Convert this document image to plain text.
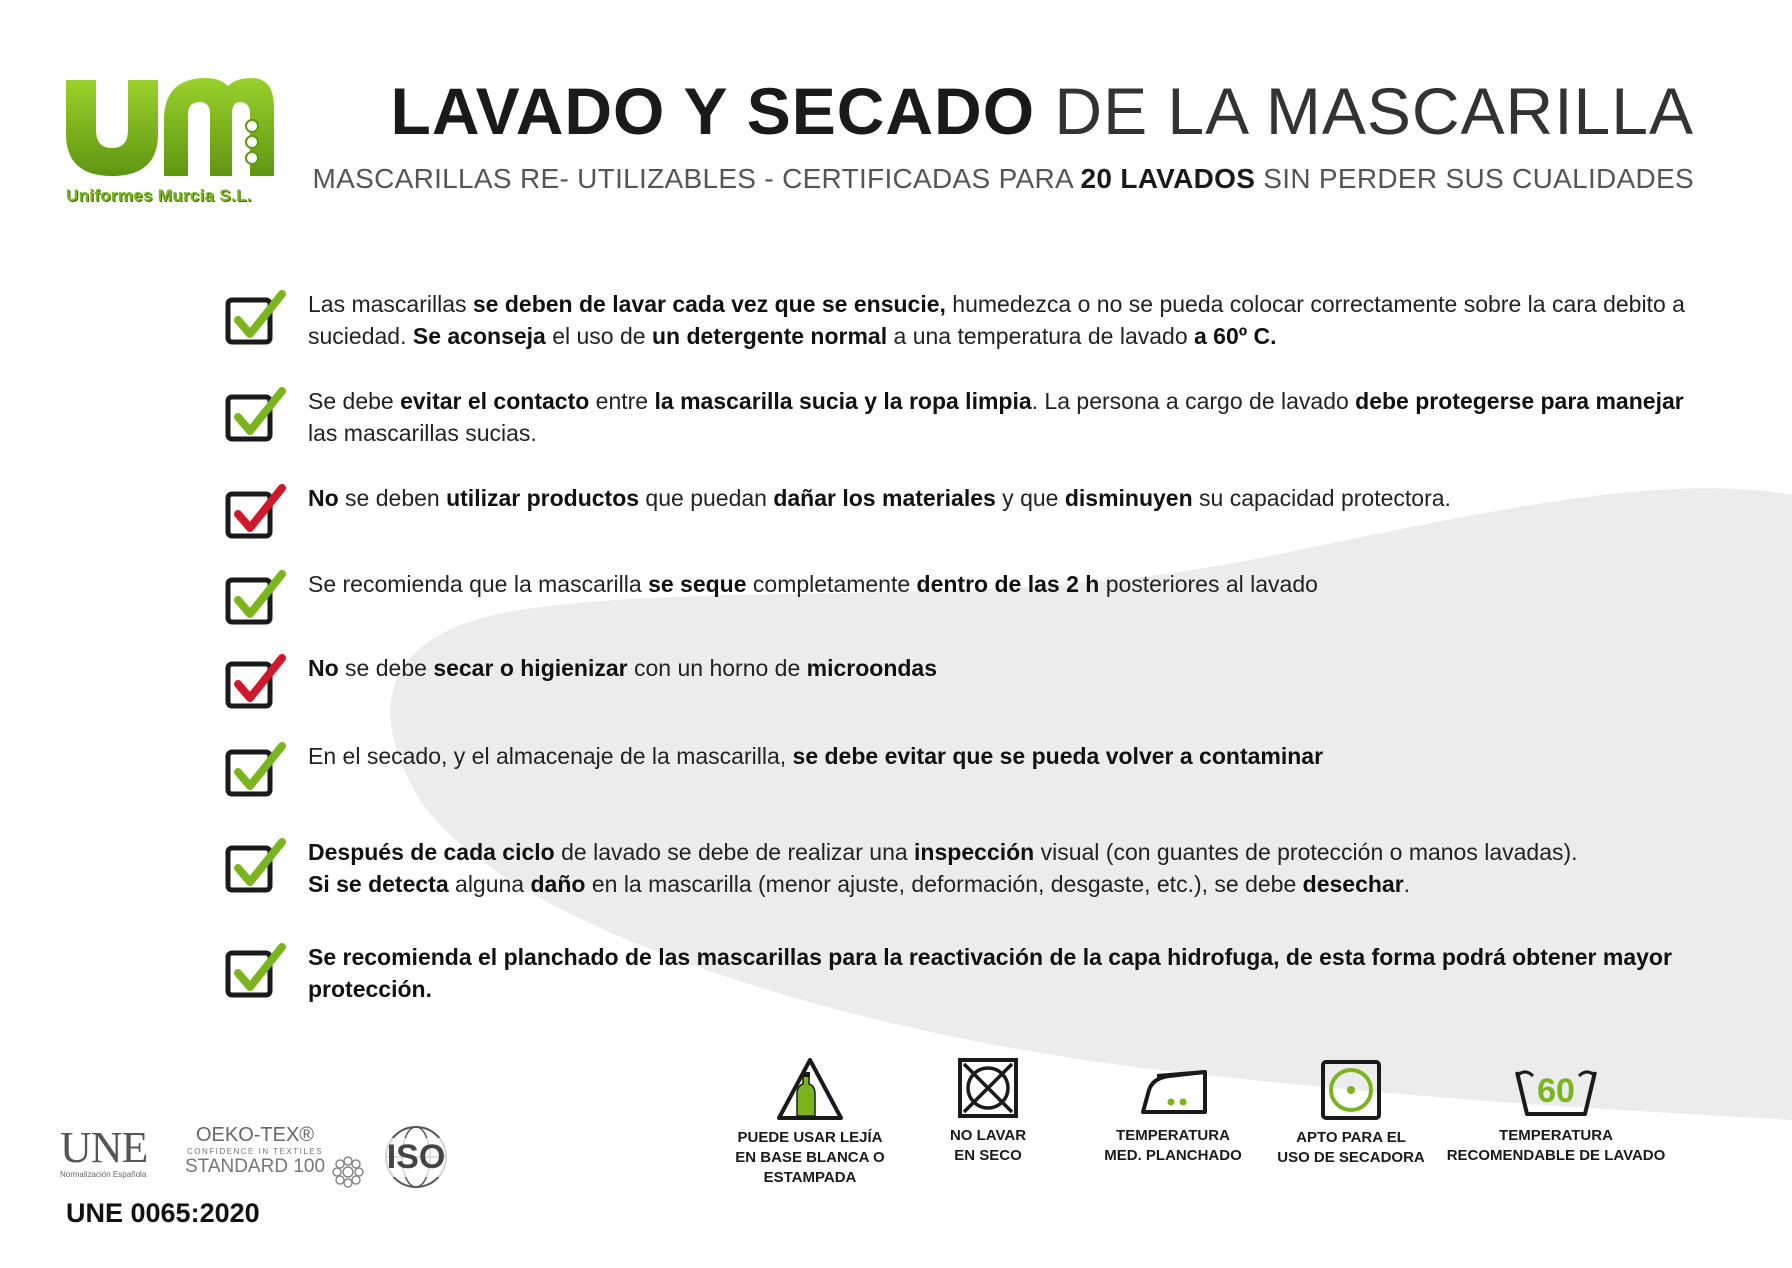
Uniformes Murcia S.L.
LAVADO Y SECADO DE LA MASCARILLA
MASCARILLAS RE- UTILIZABLES - CERTIFICADAS PARA 20 LAVADOS SIN PERDER SUS CUALIDADES
Las mascarillas se deben de lavar cada vez que se ensucie, humedezca o no se pueda colocar correctamente sobre la cara debito a suciedad. Se aconseja el uso de un detergente normal a una temperatura de lavado a 60º C.
Se debe evitar el contacto entre la mascarilla sucia y la ropa limpia. La persona a cargo de lavado debe protegerse para manejar las mascarillas sucias.
No se deben utilizar productos que puedan dañar los materiales y que disminuyen su capacidad protectora.
Se recomienda que la mascarilla se seque completamente dentro de las 2 h posteriores al lavado
No se debe secar o higienizar con un horno de microondas
En el secado, y el almacenaje de la mascarilla, se debe evitar que se pueda volver a contaminar
Después de cada ciclo de lavado se debe de realizar una inspección visual (con guantes de protección o manos lavadas).
Si se detecta alguna daño en la mascarilla (menor ajuste, deformación, desgaste, etc.), se debe desechar.
Se recomienda el planchado de las mascarillas para la reactivación de la capa hidrofuga, de esta forma podrá obtener mayor protección.
PUEDE USAR LEJÍA
EN BASE BLANCA O ESTAMPADA
NO LAVAR
EN SECO
TEMPERATURA
MED. PLANCHADO
APTO PARA EL
USO DE SECADORA
60
TEMPERATURA
RECOMENDABLE DE LAVADO
UNE
Normalización Española
OEKO-TEX®
CONFIDENCE IN TEXTILES
STANDARD 100 ISO
UNE 0065:2020
